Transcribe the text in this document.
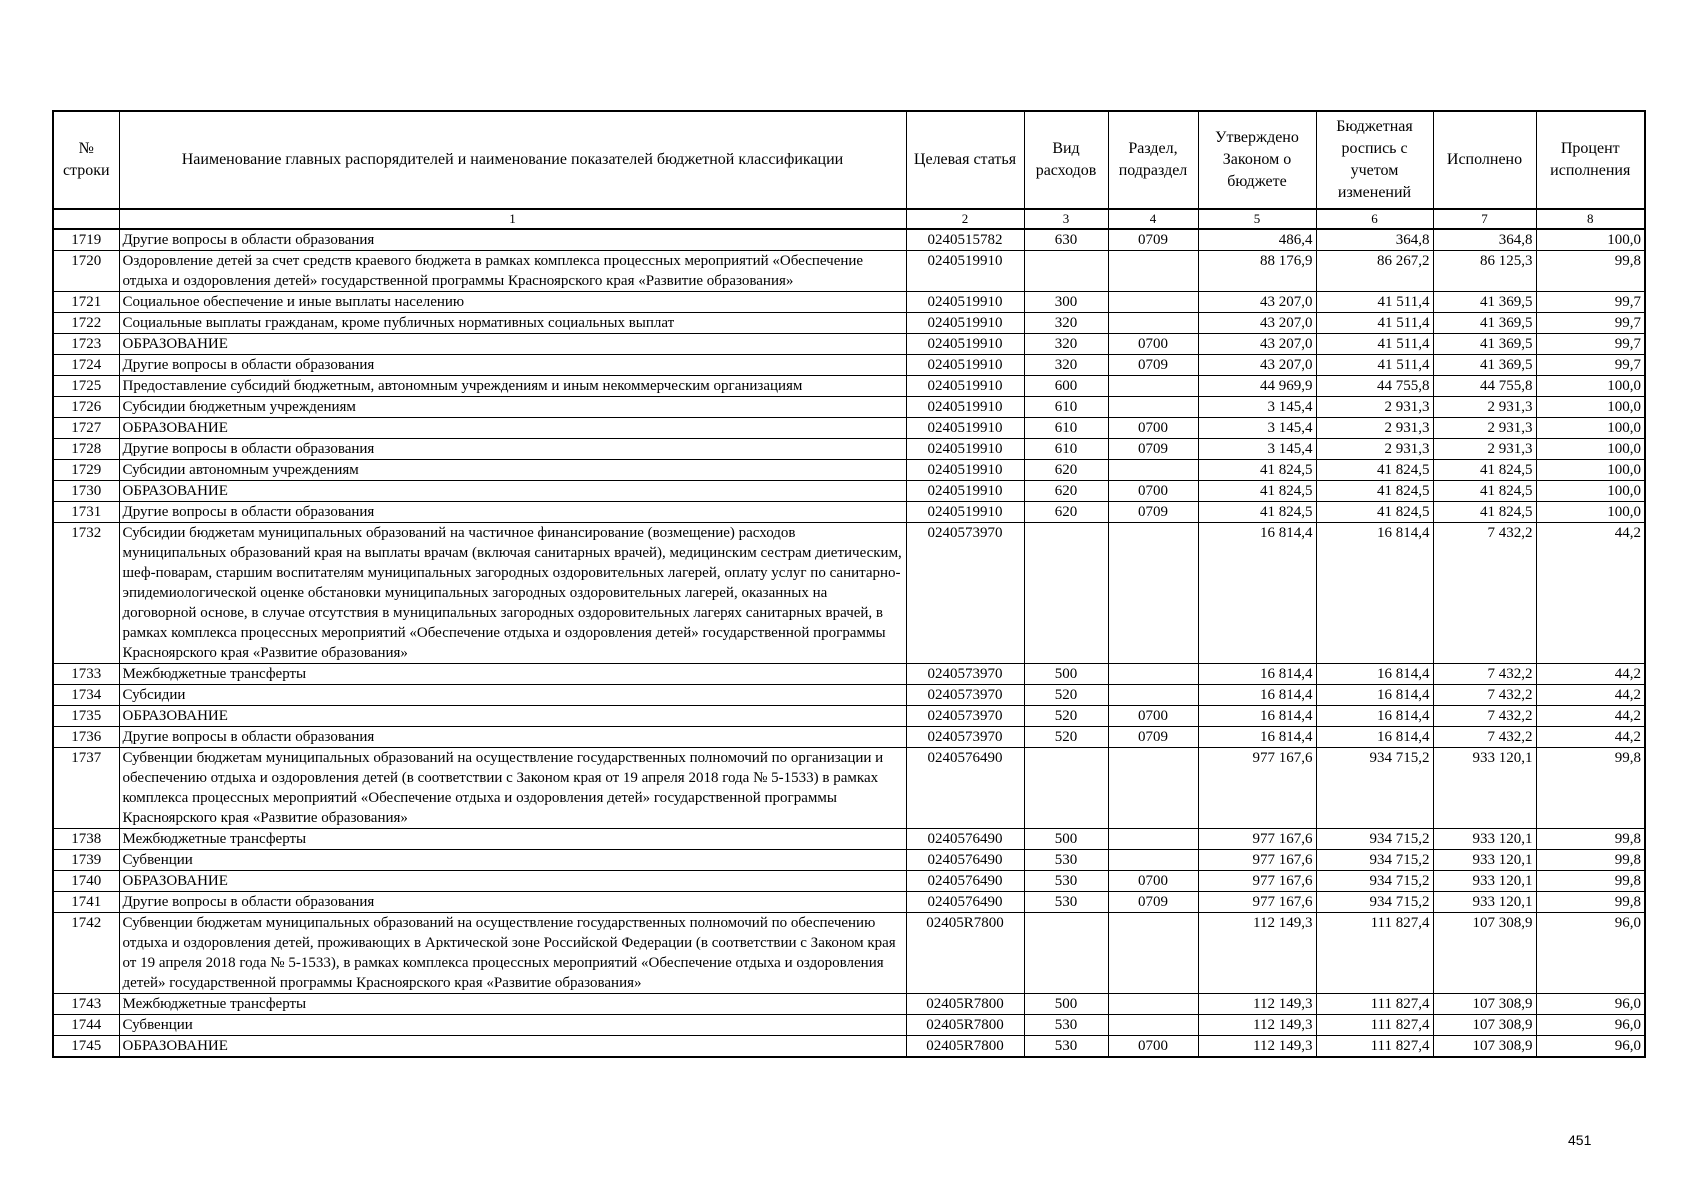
№ строки	Наименование главных распорядителей и наименование показателей бюджетной классификации	Целевая статья	Вид расходов	Раздел, подраздел	Утверждено Законом о бюджете	Бюджетная роспись с учетом изменений	Исполнено	Процент исполнения
	1	2	3	4	5	6	7	8
1719	Другие вопросы в области образования	0240515782	630	0709	486,4	364,8	364,8	100,0
1720	Оздоровление детей за счет средств краевого бюджета в рамках комплекса процессных мероприятий «Обеспечение отдыха и оздоровления детей» государственной программы Красноярского края «Развитие образования»	0240519910			88 176,9	86 267,2	86 125,3	99,8
1721	Социальное обеспечение и иные выплаты населению	0240519910	300		43 207,0	41 511,4	41 369,5	99,7
1722	Социальные выплаты гражданам, кроме публичных нормативных социальных выплат	0240519910	320		43 207,0	41 511,4	41 369,5	99,7
1723	ОБРАЗОВАНИЕ	0240519910	320	0700	43 207,0	41 511,4	41 369,5	99,7
1724	Другие вопросы в области образования	0240519910	320	0709	43 207,0	41 511,4	41 369,5	99,7
1725	Предоставление субсидий бюджетным, автономным учреждениям и иным некоммерческим организациям	0240519910	600		44 969,9	44 755,8	44 755,8	100,0
1726	Субсидии бюджетным учреждениям	0240519910	610		3 145,4	2 931,3	2 931,3	100,0
1727	ОБРАЗОВАНИЕ	0240519910	610	0700	3 145,4	2 931,3	2 931,3	100,0
1728	Другие вопросы в области образования	0240519910	610	0709	3 145,4	2 931,3	2 931,3	100,0
1729	Субсидии автономным учреждениям	0240519910	620		41 824,5	41 824,5	41 824,5	100,0
1730	ОБРАЗОВАНИЕ	0240519910	620	0700	41 824,5	41 824,5	41 824,5	100,0
1731	Другие вопросы в области образования	0240519910	620	0709	41 824,5	41 824,5	41 824,5	100,0
1732	Субсидии бюджетам муниципальных образований на частичное финансирование (возмещение) расходов муниципальных образований края на выплаты врачам (включая санитарных врачей), медицинским сестрам диетическим, шеф-поварам, старшим воспитателям муниципальных загородных оздоровительных лагерей, оплату услуг по санитарно-эпидемиологической оценке обстановки муниципальных загородных оздоровительных лагерей, оказанных на договорной основе, в случае отсутствия в муниципальных загородных оздоровительных лагерях санитарных врачей, в рамках комплекса процессных мероприятий «Обеспечение отдыха и оздоровления детей» государственной программы Красноярского края «Развитие образования»	0240573970			16 814,4	16 814,4	7 432,2	44,2
1733	Межбюджетные трансферты	0240573970	500		16 814,4	16 814,4	7 432,2	44,2
1734	Субсидии	0240573970	520		16 814,4	16 814,4	7 432,2	44,2
1735	ОБРАЗОВАНИЕ	0240573970	520	0700	16 814,4	16 814,4	7 432,2	44,2
1736	Другие вопросы в области образования	0240573970	520	0709	16 814,4	16 814,4	7 432,2	44,2
1737	Субвенции бюджетам муниципальных образований на осуществление государственных полномочий по организации и обеспечению отдыха и оздоровления детей (в соответствии с Законом края от 19 апреля 2018 года № 5-1533) в рамках комплекса процессных мероприятий «Обеспечение отдыха и оздоровления детей» государственной программы Красноярского края «Развитие образования»	0240576490			977 167,6	934 715,2	933 120,1	99,8
1738	Межбюджетные трансферты	0240576490	500		977 167,6	934 715,2	933 120,1	99,8
1739	Субвенции	0240576490	530		977 167,6	934 715,2	933 120,1	99,8
1740	ОБРАЗОВАНИЕ	0240576490	530	0700	977 167,6	934 715,2	933 120,1	99,8
1741	Другие вопросы в области образования	0240576490	530	0709	977 167,6	934 715,2	933 120,1	99,8
1742	Субвенции бюджетам муниципальных образований на осуществление государственных полномочий по обеспечению отдыха и оздоровления детей, проживающих в Арктической зоне Российской Федерации (в соответствии с Законом края от 19 апреля 2018 года № 5-1533), в рамках комплекса процессных мероприятий «Обеспечение отдыха и оздоровления детей» государственной программы Красноярского края «Развитие образования»	02405R7800			112 149,3	111 827,4	107 308,9	96,0
1743	Межбюджетные трансферты	02405R7800	500		112 149,3	111 827,4	107 308,9	96,0
1744	Субвенции	02405R7800	530		112 149,3	111 827,4	107 308,9	96,0
1745	ОБРАЗОВАНИЕ	02405R7800	530	0700	112 149,3	111 827,4	107 308,9	96,0
451
